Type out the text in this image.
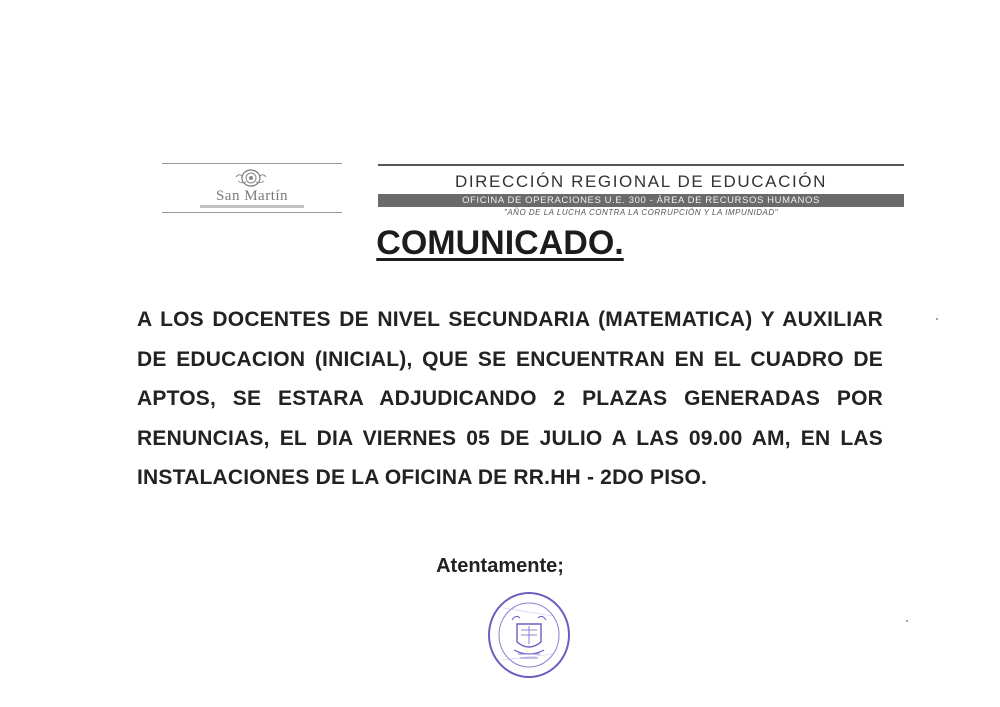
San Martín
DIRECCIÓN REGIONAL DE EDUCACIÓN
OFICINA DE OPERACIONES U.E. 300 - ÁREA DE RECURSOS HUMANOS
"AÑO DE LA LUCHA CONTRA LA CORRUPCIÓN Y LA IMPUNIDAD"
COMUNICADO.
A LOS DOCENTES DE NIVEL SECUNDARIA (MATEMATICA) Y AUXILIAR DE EDUCACION (INICIAL), QUE SE ENCUENTRAN EN EL CUADRO DE APTOS, SE ESTARA ADJUDICANDO 2 PLAZAS GENERADAS POR RENUNCIAS, EL DIA VIERNES 05 DE JULIO A LAS 09.00 AM, EN LAS INSTALACIONES DE LA OFICINA DE RR.HH - 2DO PISO.
Atentamente;
